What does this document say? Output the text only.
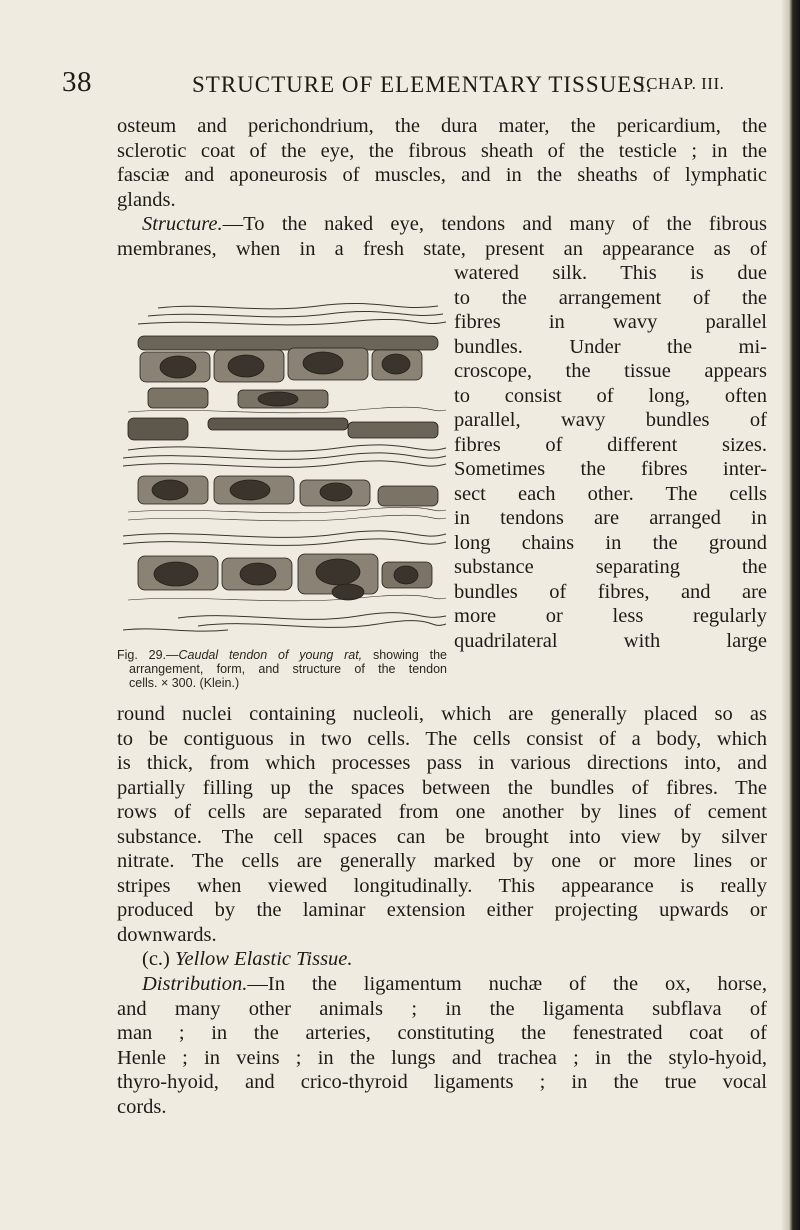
38	STRUCTURE OF ELEMENTARY TISSUES.
[CHAP. III.
osteum and perichondrium, the dura mater, the pericardium, the
sclerotic coat of the eye, the fibrous sheath of the testicle ; in the
fasciæ and aponeurosis of muscles, and in the sheaths of lymphatic
glands.
Structure.—To the naked eye, tendons and many of the fibrous
membranes, when in a fresh state, present an appearance as of
watered silk. This is due
to the arrangement of the
fibres in wavy parallel
bundles. Under the mi-
croscope, the tissue appears
to consist of long, often
parallel, wavy bundles of
fibres of different sizes.
Sometimes the fibres inter-
sect each other. The cells
in tendons are arranged in
long chains in the ground
substance separating the
bundles of fibres, and are
more or less regularly
quadrilateral with large
Fig. 29.—Caudal tendon of young rat, showing the
arrangement, form, and structure of the tendon
cells. × 300. (Klein.)
round nuclei containing nucleoli, which are generally placed so as
to be contiguous in two cells. The cells consist of a body, which
is thick, from which processes pass in various directions into, and
partially filling up the spaces between the bundles of fibres. The
rows of cells are separated from one another by lines of cement
substance. The cell spaces can be brought into view by silver
nitrate. The cells are generally marked by one or more lines or
stripes when viewed longitudinally. This appearance is really
produced by the laminar extension either projecting upwards or
downwards.
(c.) Yellow Elastic Tissue.
Distribution.—In the ligamentum nuchæ of the ox, horse,
and many other animals ; in the ligamenta subflava of
man ; in the arteries, constituting the fenestrated coat of
Henle ; in veins ; in the lungs and trachea ; in the stylo-hyoid,
thyro-hyoid, and crico-thyroid ligaments ; in the true vocal
cords.
